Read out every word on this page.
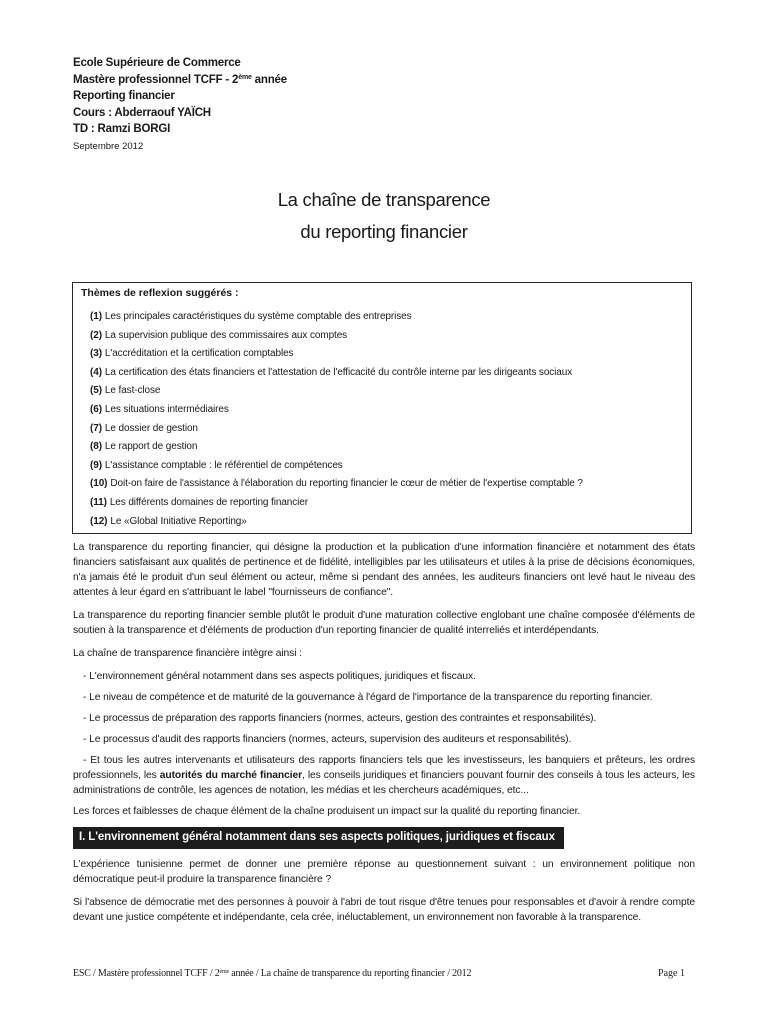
Ecole Supérieure de Commerce
Mastère professionnel TCFF - 2ème année
Reporting financier
Cours : Abderraouf YAÏCH
TD : Ramzi BORGI
Septembre 2012
La chaîne de transparence
du reporting financier
Thèmes de reflexion suggérés :
(1) Les principales caractéristiques du système comptable des entreprises
(2) La supervision publique des commissaires aux comptes
(3) L'accréditation et la certification comptables
(4) La certification des états financiers et l'attestation de l'efficacité du contrôle interne par les dirigeants sociaux
(5) Le fast-close
(6) Les situations intermédiaires
(7) Le dossier de gestion
(8) Le rapport de gestion
(9) L'assistance comptable : le référentiel de compétences
(10) Doit-on faire de l'assistance à l'élaboration du reporting financier le cœur de métier de l'expertise comptable ?
(11) Les différents domaines de reporting financier
(12) Le «Global Initiative Reporting»

La transparence du reporting financier, qui désigne la production et la publication d'une information financière et notamment des états financiers satisfaisant aux qualités de pertinence et de fidélité, intelligibles par les utilisateurs et utiles à la prise de décisions économiques, n'a jamais été le produit d'un seul élément ou acteur, même si pendant des années, les auditeurs financiers ont levé haut le niveau des attentes à leur égard en s'attribuant le label "fournisseurs de confiance".

La transparence du reporting financier semble plutôt le produit d'une maturation collective englobant une chaîne composée d'éléments de soutien à la transparence et d'éléments de production d'un reporting financier de qualité interreliés et interdépendants.

La chaîne de transparence financière intègre ainsi :

- L'environnement général notamment dans ses aspects politiques, juridiques et fiscaux.

- Le niveau de compétence et de maturité de la gouvernance à l'égard de l'importance de la transparence du reporting financier.

- Le processus de préparation des rapports financiers (normes, acteurs, gestion des contraintes et responsabilités).

- Le processus d'audit des rapports financiers (normes, acteurs, supervision des auditeurs et responsabilités).

- Et tous les autres intervenants et utilisateurs des rapports financiers tels que les investisseurs, les banquiers et prêteurs, les ordres professionnels, les autorités du marché financier, les conseils juridiques et financiers pouvant fournir des conseils à tous les acteurs, les administrations de contrôle, les agences de notation, les médias et les chercheurs académiques, etc...

Les forces et faiblesses de chaque élément de la chaîne produisent un impact sur la qualité du reporting financier.

I. L'environnement général notamment dans ses aspects politiques, juridiques et fiscaux

L'expérience tunisienne permet de donner une première réponse au questionnement suivant : un environnement politique non démocratique peut-il produire la transparence financière ?

Si l'absence de démocratie met des personnes à pouvoir à l'abri de tout risque d'être tenues pour responsables et d'avoir à rendre compte devant une justice compétente et indépendante, cela crée, inéluctablement, un environnement non favorable à la transparence.

ESC / Mastère professionnel TCFF / 2ème année / La chaîne de transparence du reporting financier / 2012	Page 1
